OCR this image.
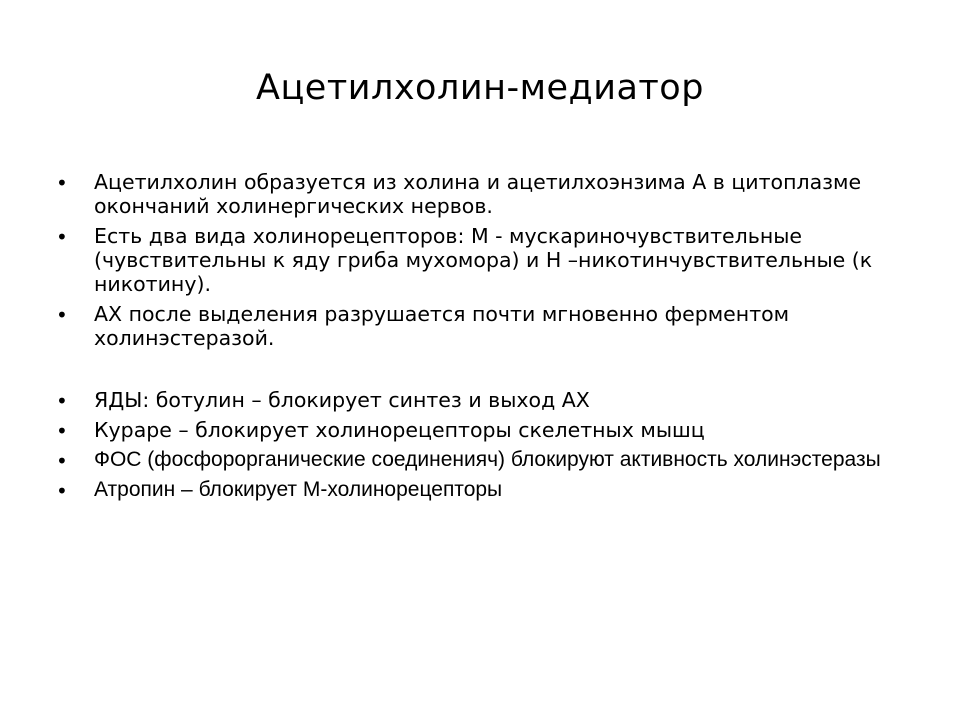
Ацетилхолин-медиатор
• Ацетилхолин образуется из холина и ацетилхоэнзима А в цитоплазме окончаний холинергических нервов.
• Есть два вида холинорецепторов: М - мускариночувствительные (чувствительны к яду гриба мухомора) и Н –никотинчувствительные (к никотину).
• АХ после выделения разрушается почти мгновенно ферментом холинэстеразой.
• ЯДЫ: ботулин – блокирует синтез и выход АХ
• Кураре – блокирует холинорецепторы скелетных мышц
• ФОС (фосфорорганические соединенияч) блокируют активность холинэстеразы
• Атропин – блокирует М-холинорецепторы
